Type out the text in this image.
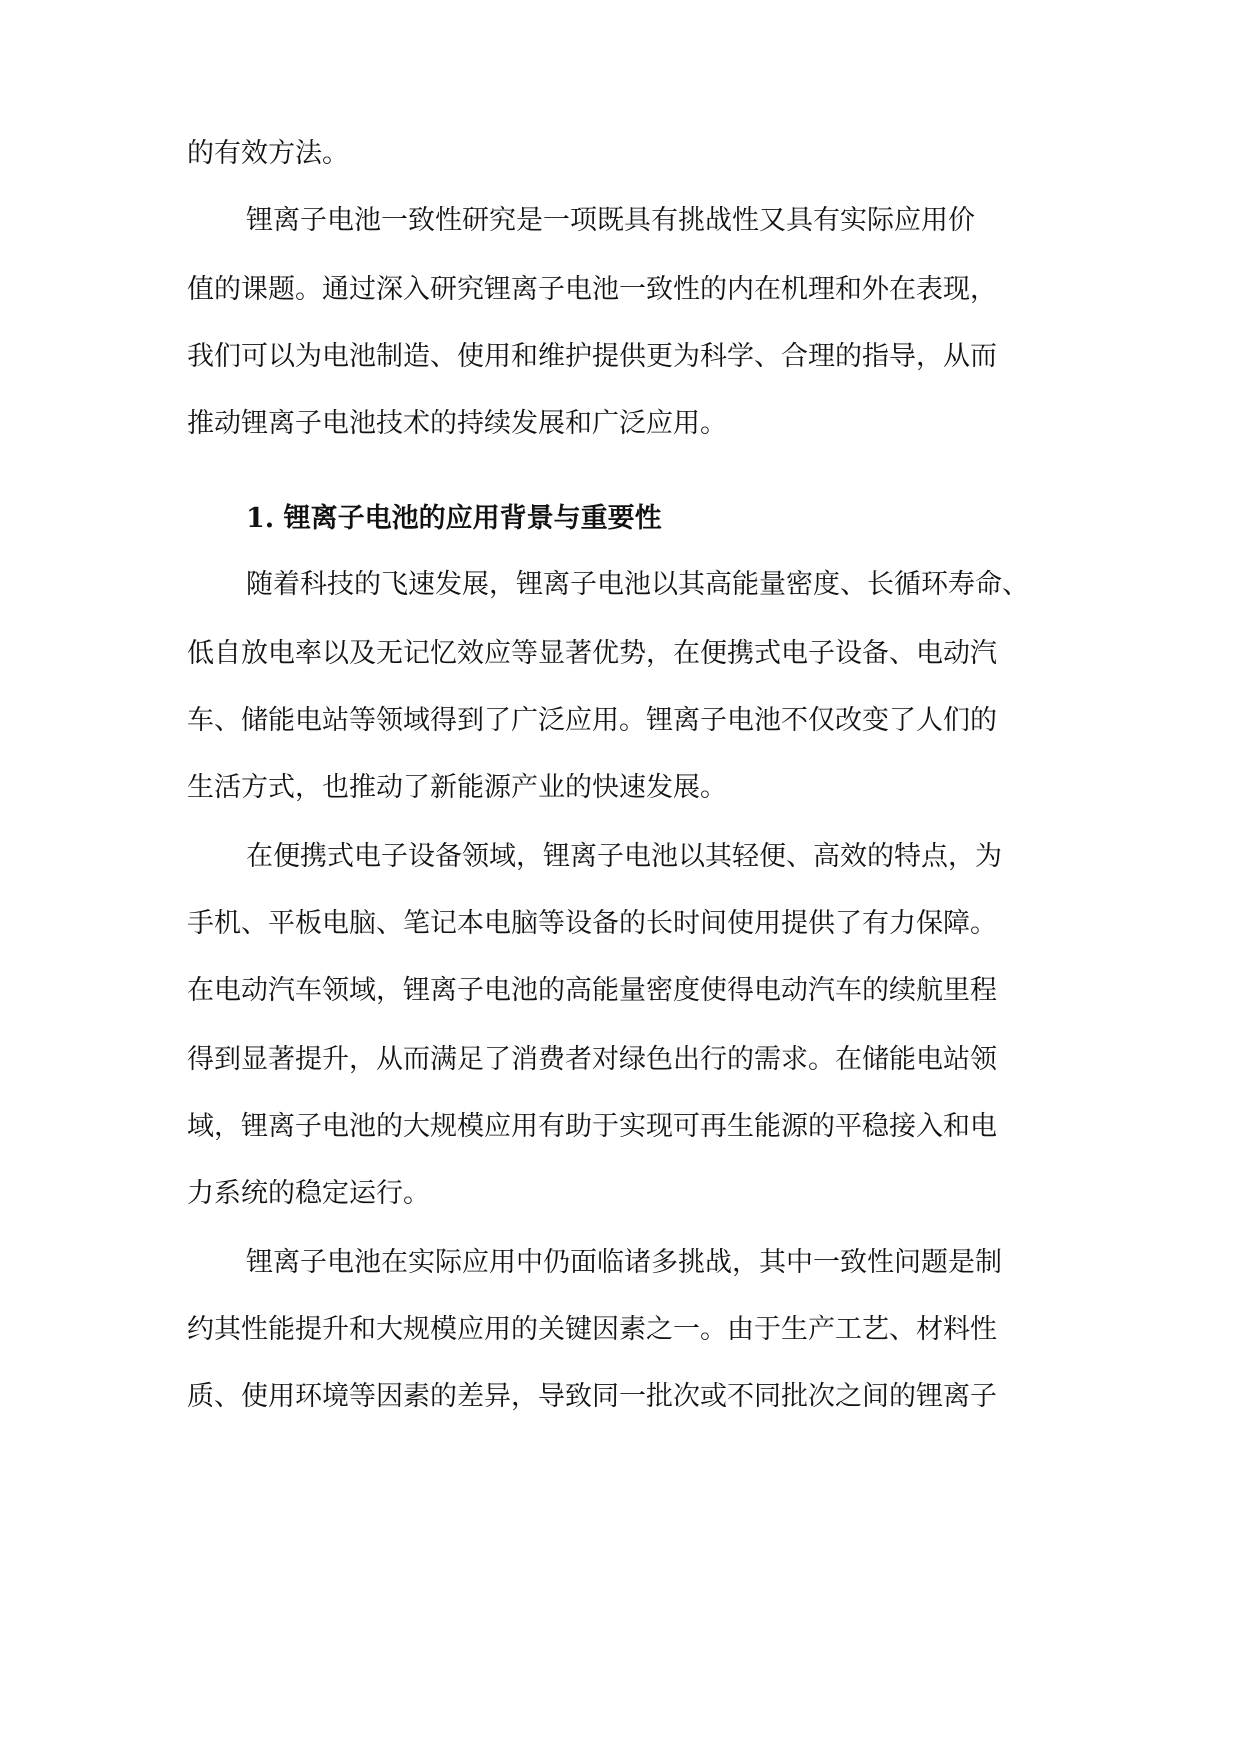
的有效方法。
锂离子电池一致性研究是一项既具有挑战性又具有实际应用价
值的课题。通过深入研究锂离子电池一致性的内在机理和外在表现，
我们可以为电池制造、使用和维护提供更为科学、合理的指导，从而
推动锂离子电池技术的持续发展和广泛应用。
1. 锂离子电池的应用背景与重要性
随着科技的飞速发展，锂离子电池以其高能量密度、长循环寿命、
低自放电率以及无记忆效应等显著优势，在便携式电子设备、电动汽
车、储能电站等领域得到了广泛应用。锂离子电池不仅改变了人们的
生活方式，也推动了新能源产业的快速发展。
在便携式电子设备领域，锂离子电池以其轻便、高效的特点，为
手机、平板电脑、笔记本电脑等设备的长时间使用提供了有力保障。
在电动汽车领域，锂离子电池的高能量密度使得电动汽车的续航里程
得到显著提升，从而满足了消费者对绿色出行的需求。在储能电站领
域，锂离子电池的大规模应用有助于实现可再生能源的平稳接入和电
力系统的稳定运行。
锂离子电池在实际应用中仍面临诸多挑战，其中一致性问题是制
约其性能提升和大规模应用的关键因素之一。由于生产工艺、材料性
质、使用环境等因素的差异，导致同一批次或不同批次之间的锂离子
